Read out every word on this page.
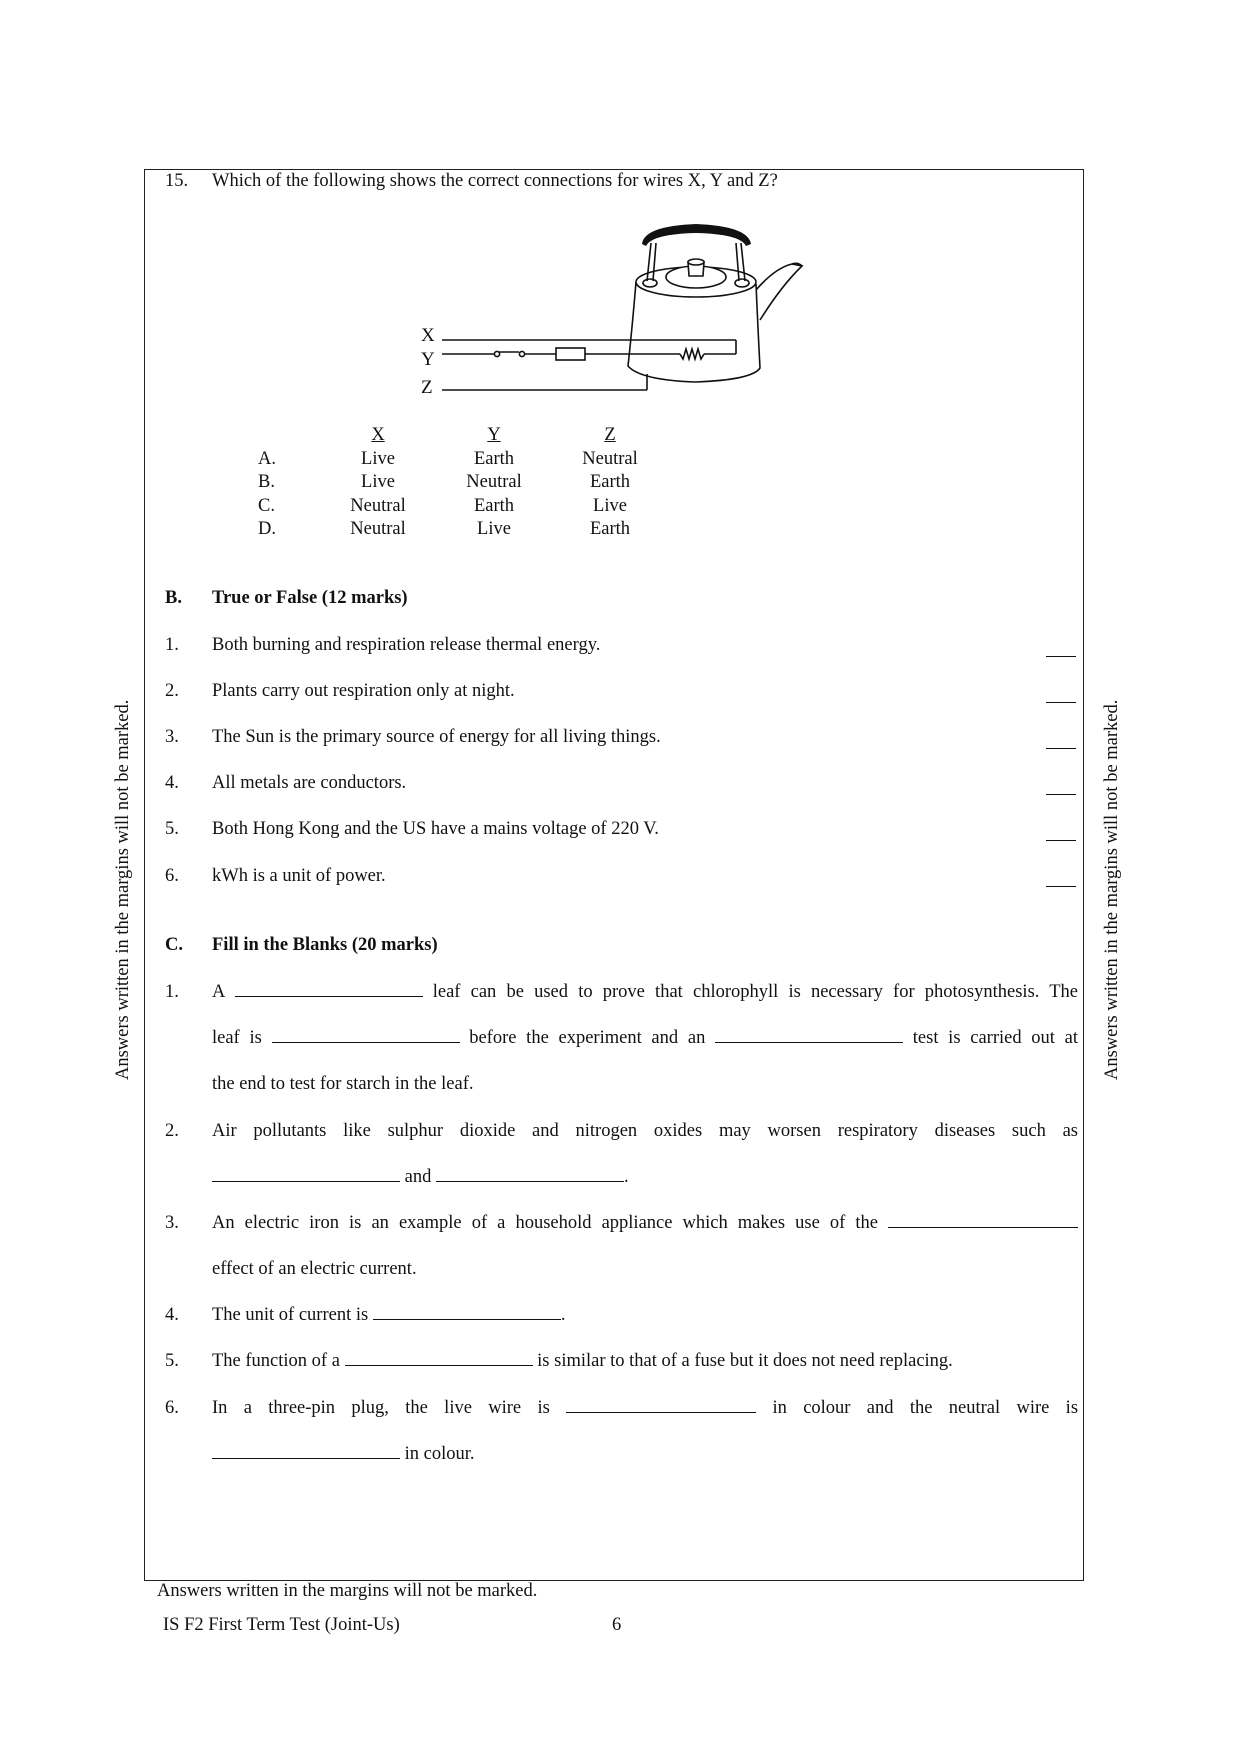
Answers written in the margins will not be marked.	Answers written in the margins will not be marked.
15. Which of the following shows the correct connections for wires X, Y and Z?
X
Y
Z
	X	Y	Z
A.	Live	Earth	Neutral
B.	Live	Neutral	Earth
C.	Neutral	Earth	Live
D.	Neutral	Live	Earth
B. True or False (12 marks)
1. Both burning and respiration release thermal energy.
2. Plants carry out respiration only at night.
3. The Sun is the primary source of energy for all living things.
4. All metals are conductors.
5. Both Hong Kong and the US have a mains voltage of 220 V.
6. kWh is a unit of power.
C. Fill in the Blanks (20 marks)
1. A	leaf can be used to prove that chlorophyll is necessary for photosynthesis. The
leaf is	before the experiment and an	test is carried out at
the end to test for starch in the leaf.
2. Air pollutants like sulphur dioxide and nitrogen oxides may worsen respiratory diseases such as
and	.
3. An electric iron is an example of a household appliance which makes use of the
effect of an electric current.
4. The unit of current is	.
5. The function of a	is similar to that of a fuse but it does not need replacing.
6. In a three-pin plug, the live wire is	in colour and the neutral wire is
in colour.
Answers written in the margins will not be marked.
IS F2 First Term Test (Joint-Us)	6
